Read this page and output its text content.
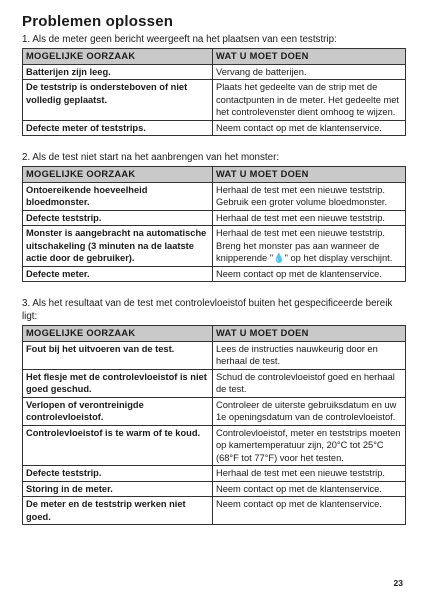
Problemen oplossen

1. Als de meter geen bericht weergeeft na het plaatsen van een teststrip:

MOGELIJKE OORZAAK	WAT U MOET DOEN
Batterijen zijn leeg.	Vervang de batterijen.
De teststrip is ondersteboven of niet volledig geplaatst.	Plaats het gedeelte van de strip met de contactpunten in de meter. Het gedeelte met het controlevenster dient omhoog te wijzen.
Defecte meter of teststrips.	Neem contact op met de klantenservice.

2. Als de test niet start na het aanbrengen van het monster:

MOGELIJKE OORZAAK	WAT U MOET DOEN
Ontoereikende hoeveelheid bloedmonster.	Herhaal de test met een nieuwe teststrip. Gebruik een groter volume bloedmonster.
Defecte teststrip.	Herhaal de test met een nieuwe teststrip.
Monster is aangebracht na automatische uitschakeling (3 minuten na de laatste actie door de gebruiker).	Herhaal de test met een nieuwe teststrip. Breng het monster pas aan wanneer de knipperende "💧" op het display verschijnt.
Defecte meter.	Neem contact op met de klantenservice.

3. Als het resultaat van de test met controlevloeistof buiten het gespecificeerde bereik ligt:

MOGELIJKE OORZAAK	WAT U MOET DOEN
Fout bij het uitvoeren van de test.	Lees de instructies nauwkeurig door en herhaal de test.
Het flesje met de controlevloeistof is niet goed geschud.	Schud de controlevloeistof goed en herhaal de test.
Verlopen of verontreinigde controlevloeistof.	Controleer de uiterste gebruiksdatum en uw 1e openingsdatum van de controlevloeistof.
Controlevloeistof is te warm of te koud.	Controlevloeistof, meter en teststrips moeten op kamertemperatuur zijn, 20°C tot 25°C (68°F tot 77°F) voor het testen.
Defecte teststrip.	Herhaal de test met een nieuwe teststrip.
Storing in de meter.	Neem contact op met de klantenservice.
De meter en de teststrip werken niet goed.	Neem contact op met de klantenservice.
23
